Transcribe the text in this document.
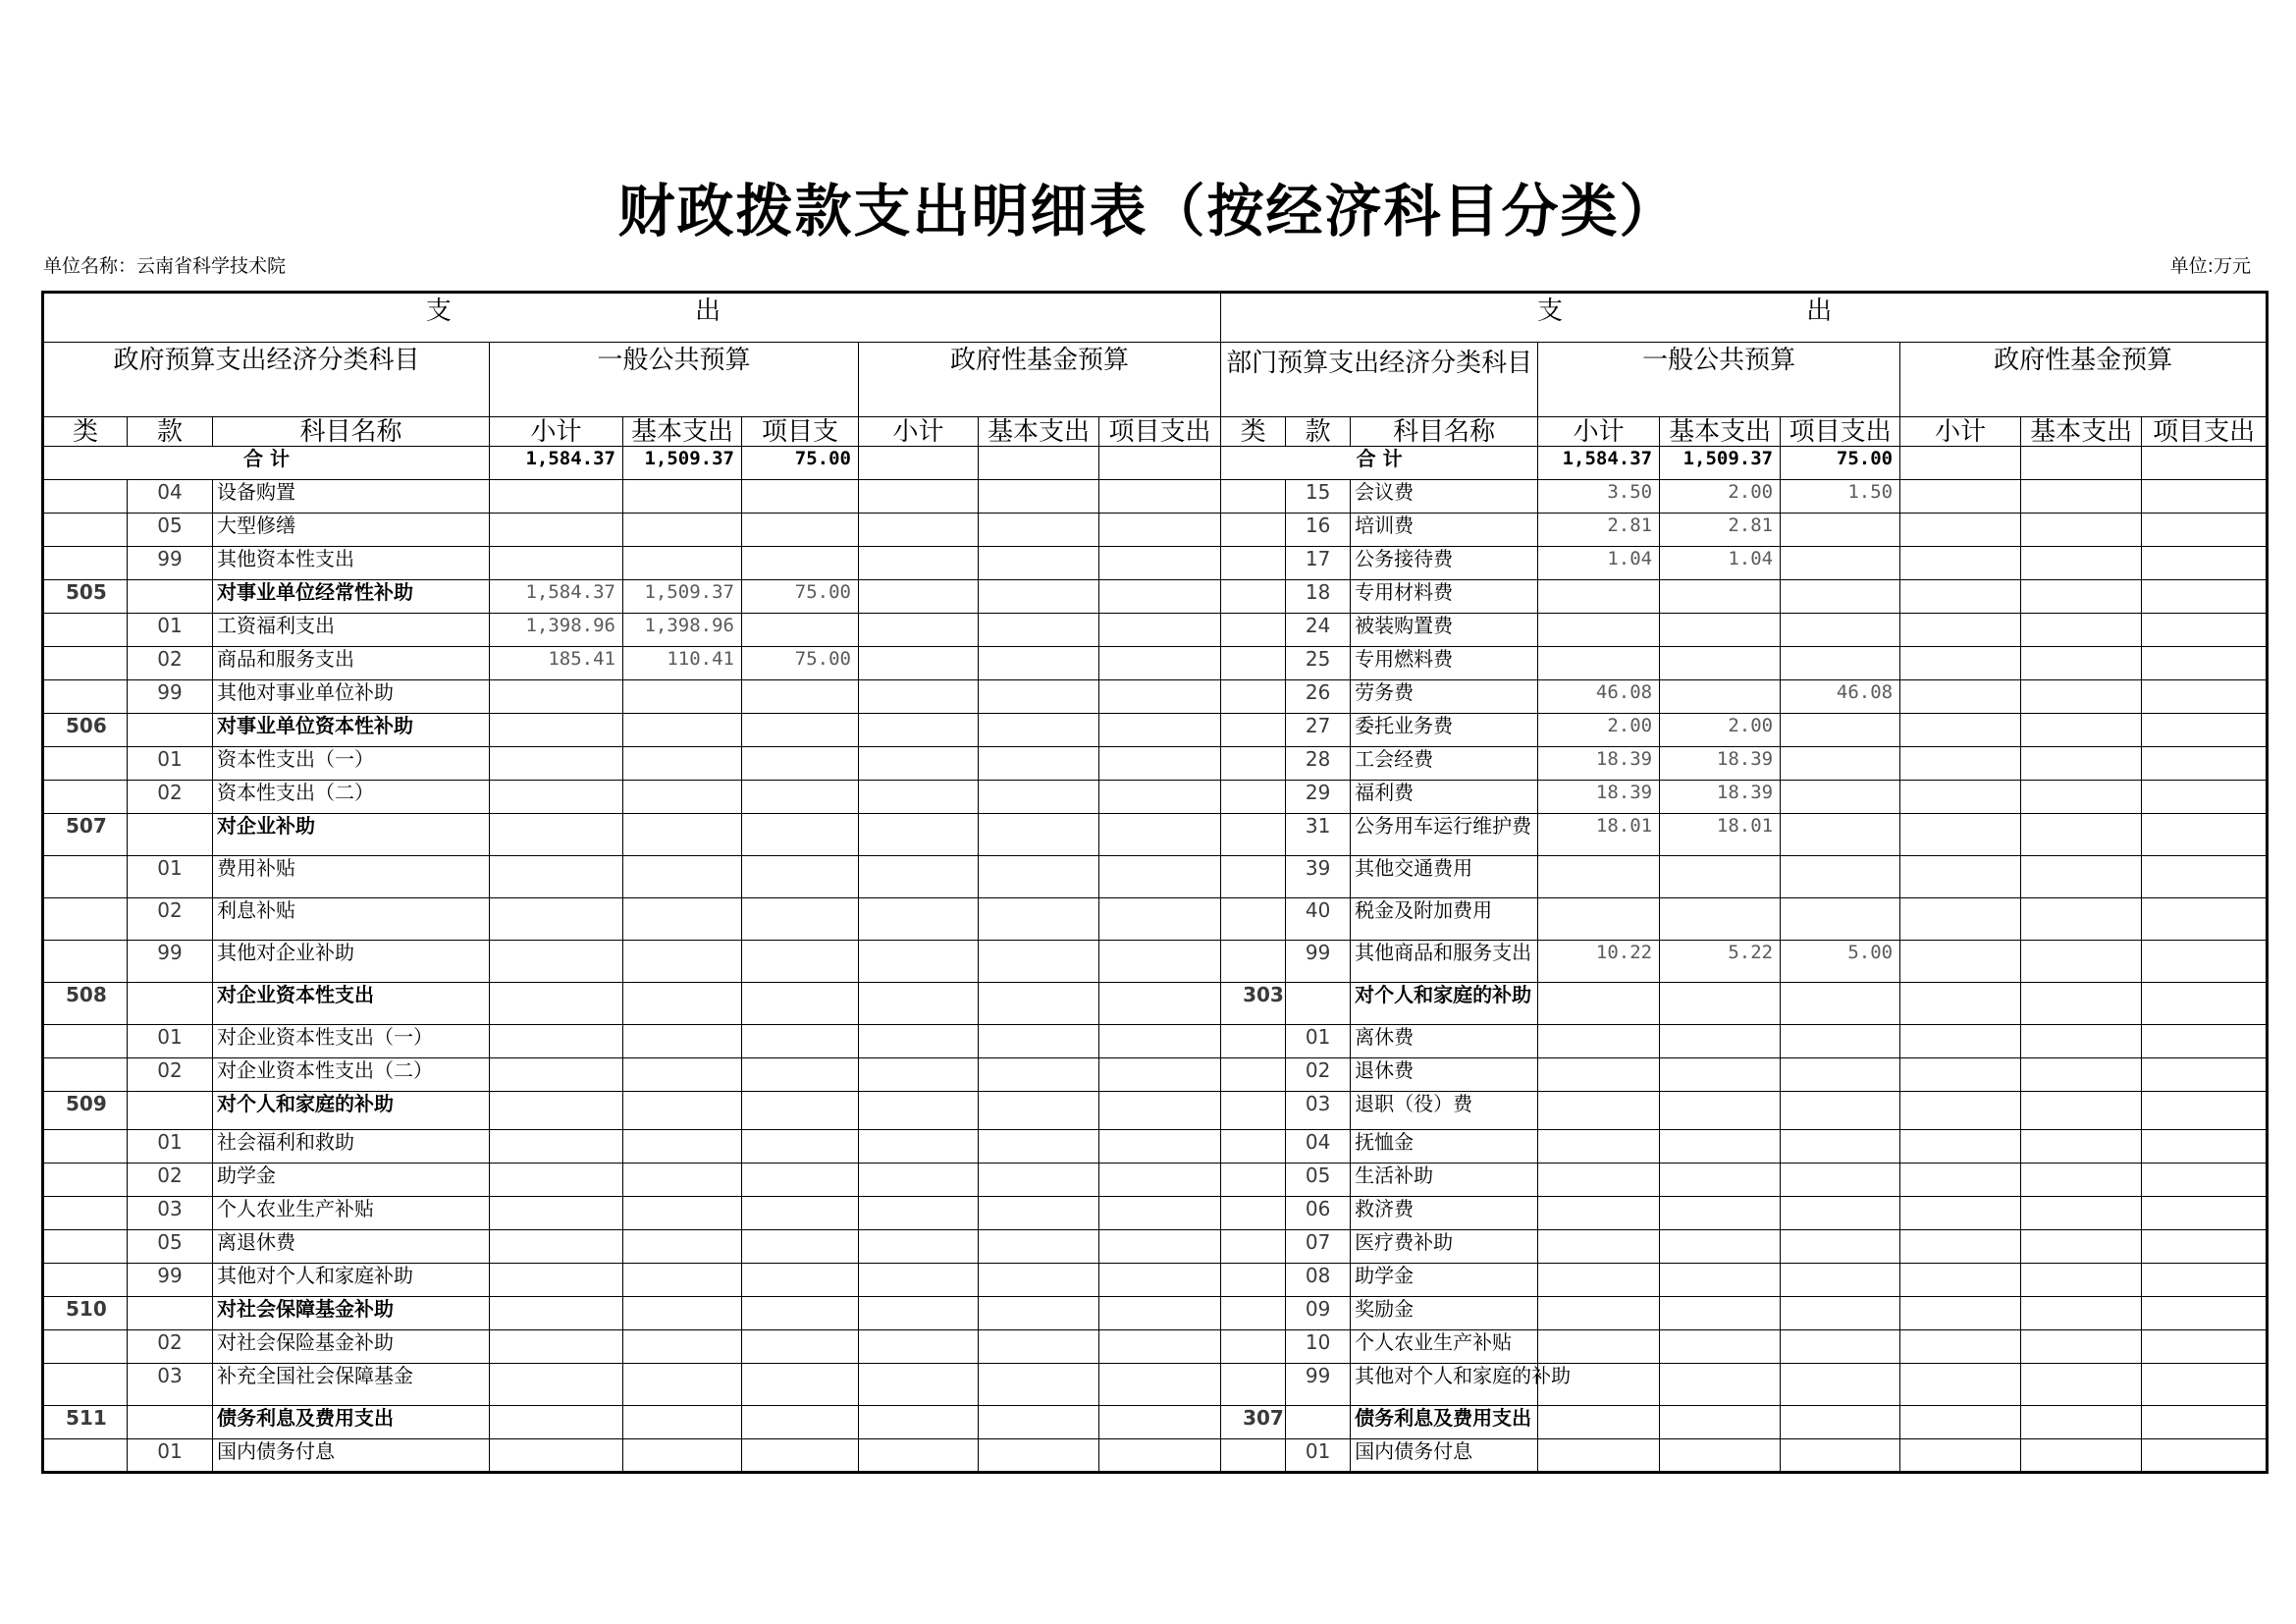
财政拨款支出明细表（按经济科目分类）
单位名称：云南省科学技术院	单位:万元
支 出									支 出								
政府预算支出经济分类科目			一般公共预算			政府性基金预算			部门预算支出经济分类科目			一般公共预算			政府性基金预算		
类	款	科目名称	小计	基本支出	项目支	小计	基本支出	项目支出	类	款	科目名称	小计	基本支出	项目支出	小计	基本支出	项目支出
合 计			1,584.37	1,509.37	75.00				合 计			1,584.37	1,509.37	75.00			
	04	设备购置								15	会议费	3.50	2.00	1.50			
	05	大型修缮								16	培训费	2.81	2.81				
	99	其他资本性支出								17	公务接待费	1.04	1.04				
505		对事业单位经常性补助	1,584.37	1,509.37	75.00					18	专用材料费						
	01	工资福利支出	1,398.96	1,398.96						24	被装购置费						
	02	商品和服务支出	185.41	110.41	75.00					25	专用燃料费						
	99	其他对事业单位补助								26	劳务费	46.08		46.08			
506		对事业单位资本性补助								27	委托业务费	2.00	2.00				
	01	资本性支出（一）								28	工会经费	18.39	18.39				
	02	资本性支出（二）								29	福利费	18.39	18.39				
507		对企业补助								31	公务用车运行维护费	18.01	18.01				
	01	费用补贴								39	其他交通费用						
	02	利息补贴								40	税金及附加费用						
	99	其他对企业补助								99	其他商品和服务支出	10.22	5.22	5.00			
508		对企业资本性支出							303		对个人和家庭的补助						
	01	对企业资本性支出（一）								01	离休费						
	02	对企业资本性支出（二）								02	退休费						
509		对个人和家庭的补助								03	退职（役）费						
	01	社会福利和救助								04	抚恤金						
	02	助学金								05	生活补助						
	03	个人农业生产补贴								06	救济费						
	05	离退休费								07	医疗费补助						
	99	其他对个人和家庭补助								08	助学金						
510		对社会保障基金补助								09	奖励金						
	02	对社会保险基金补助								10	个人农业生产补贴						
	03	补充全国社会保障基金								99	其他对个人和家庭的补助						
511		债务利息及费用支出							307		债务利息及费用支出						
	01	国内债务付息								01	国内债务付息						
